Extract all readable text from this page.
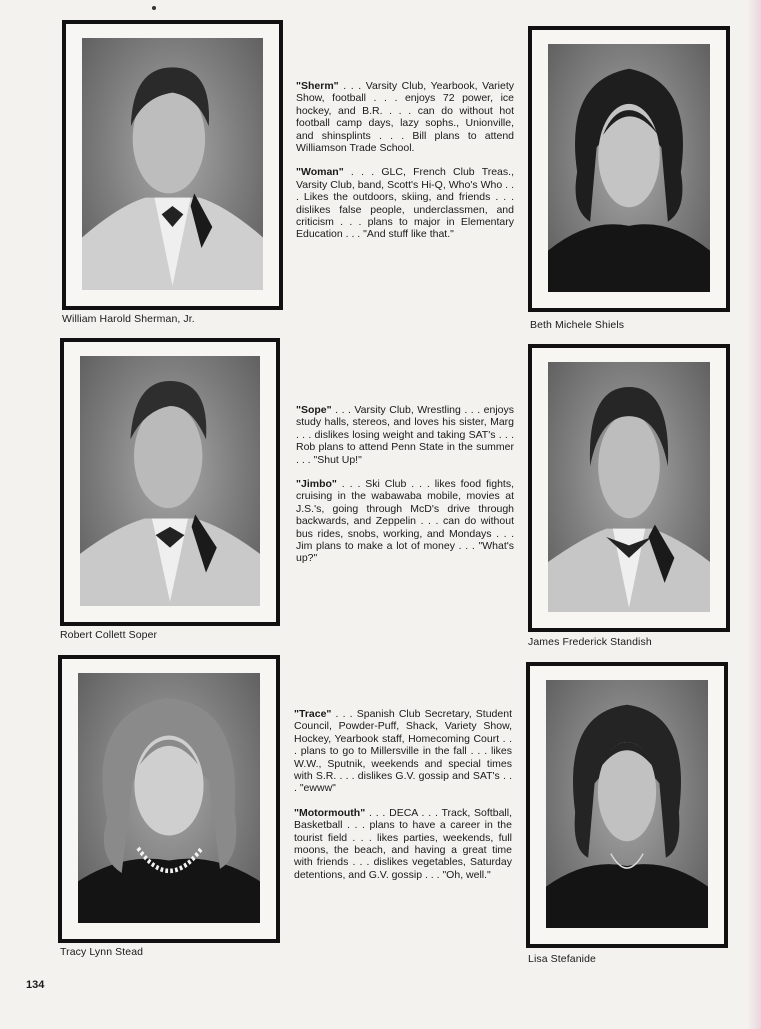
William Harold Sherman, Jr.

"Sherm" . . . Varsity Club, Yearbook, Variety Show, football . . . enjoys 72 power, ice hockey, and B.R. . . . can do without hot football camp days, lazy sophs., Unionville, and shinsplints . . . Bill plans to attend Williamson Trade School.

"Woman" . . . GLC, French Club Treas., Varsity Club, band, Scott's Hi-Q, Who's Who . . . Likes the outdoors, skiing, and friends . . . dislikes false people, underclassmen, and criticism . . . plans to major in Elementary Education . . . "And stuff like that."

Beth Michele Shiels
Robert Collett Soper

"Sope" . . . Varsity Club, Wrestling . . . enjoys study halls, stereos, and loves his sister, Marg . . . dislikes losing weight and taking SAT's . . . Rob plans to attend Penn State in the summer . . . "Shut Up!"

"Jimbo" . . . Ski Club . . . likes food fights, cruising in the wabawaba mobile, movies at J.S.'s, going through McD's drive through backwards, and Zeppelin . . . can do without bus rides, snobs, working, and Mondays . . . Jim plans to make a lot of money . . . "What's up?"

James Frederick Standish
Tracy Lynn Stead

"Trace" . . . Spanish Club Secretary, Student Council, Powder-Puff, Shack, Variety Show, Hockey, Yearbook staff, Homecoming Court . . . plans to go to Millersville in the fall . . . likes W.W., Sputnik, weekends and special times with S.R. . . . dislikes G.V. gossip and SAT's . . . "ewww"

"Motormouth" . . . DECA . . . Track, Softball, Basketball . . . plans to have a career in the tourist field . . . likes parties, weekends, full moons, the beach, and having a great time with friends . . . dislikes vegetables, Saturday detentions, and G.V. gossip . . . "Oh, well."

Lisa Stefanide
134
